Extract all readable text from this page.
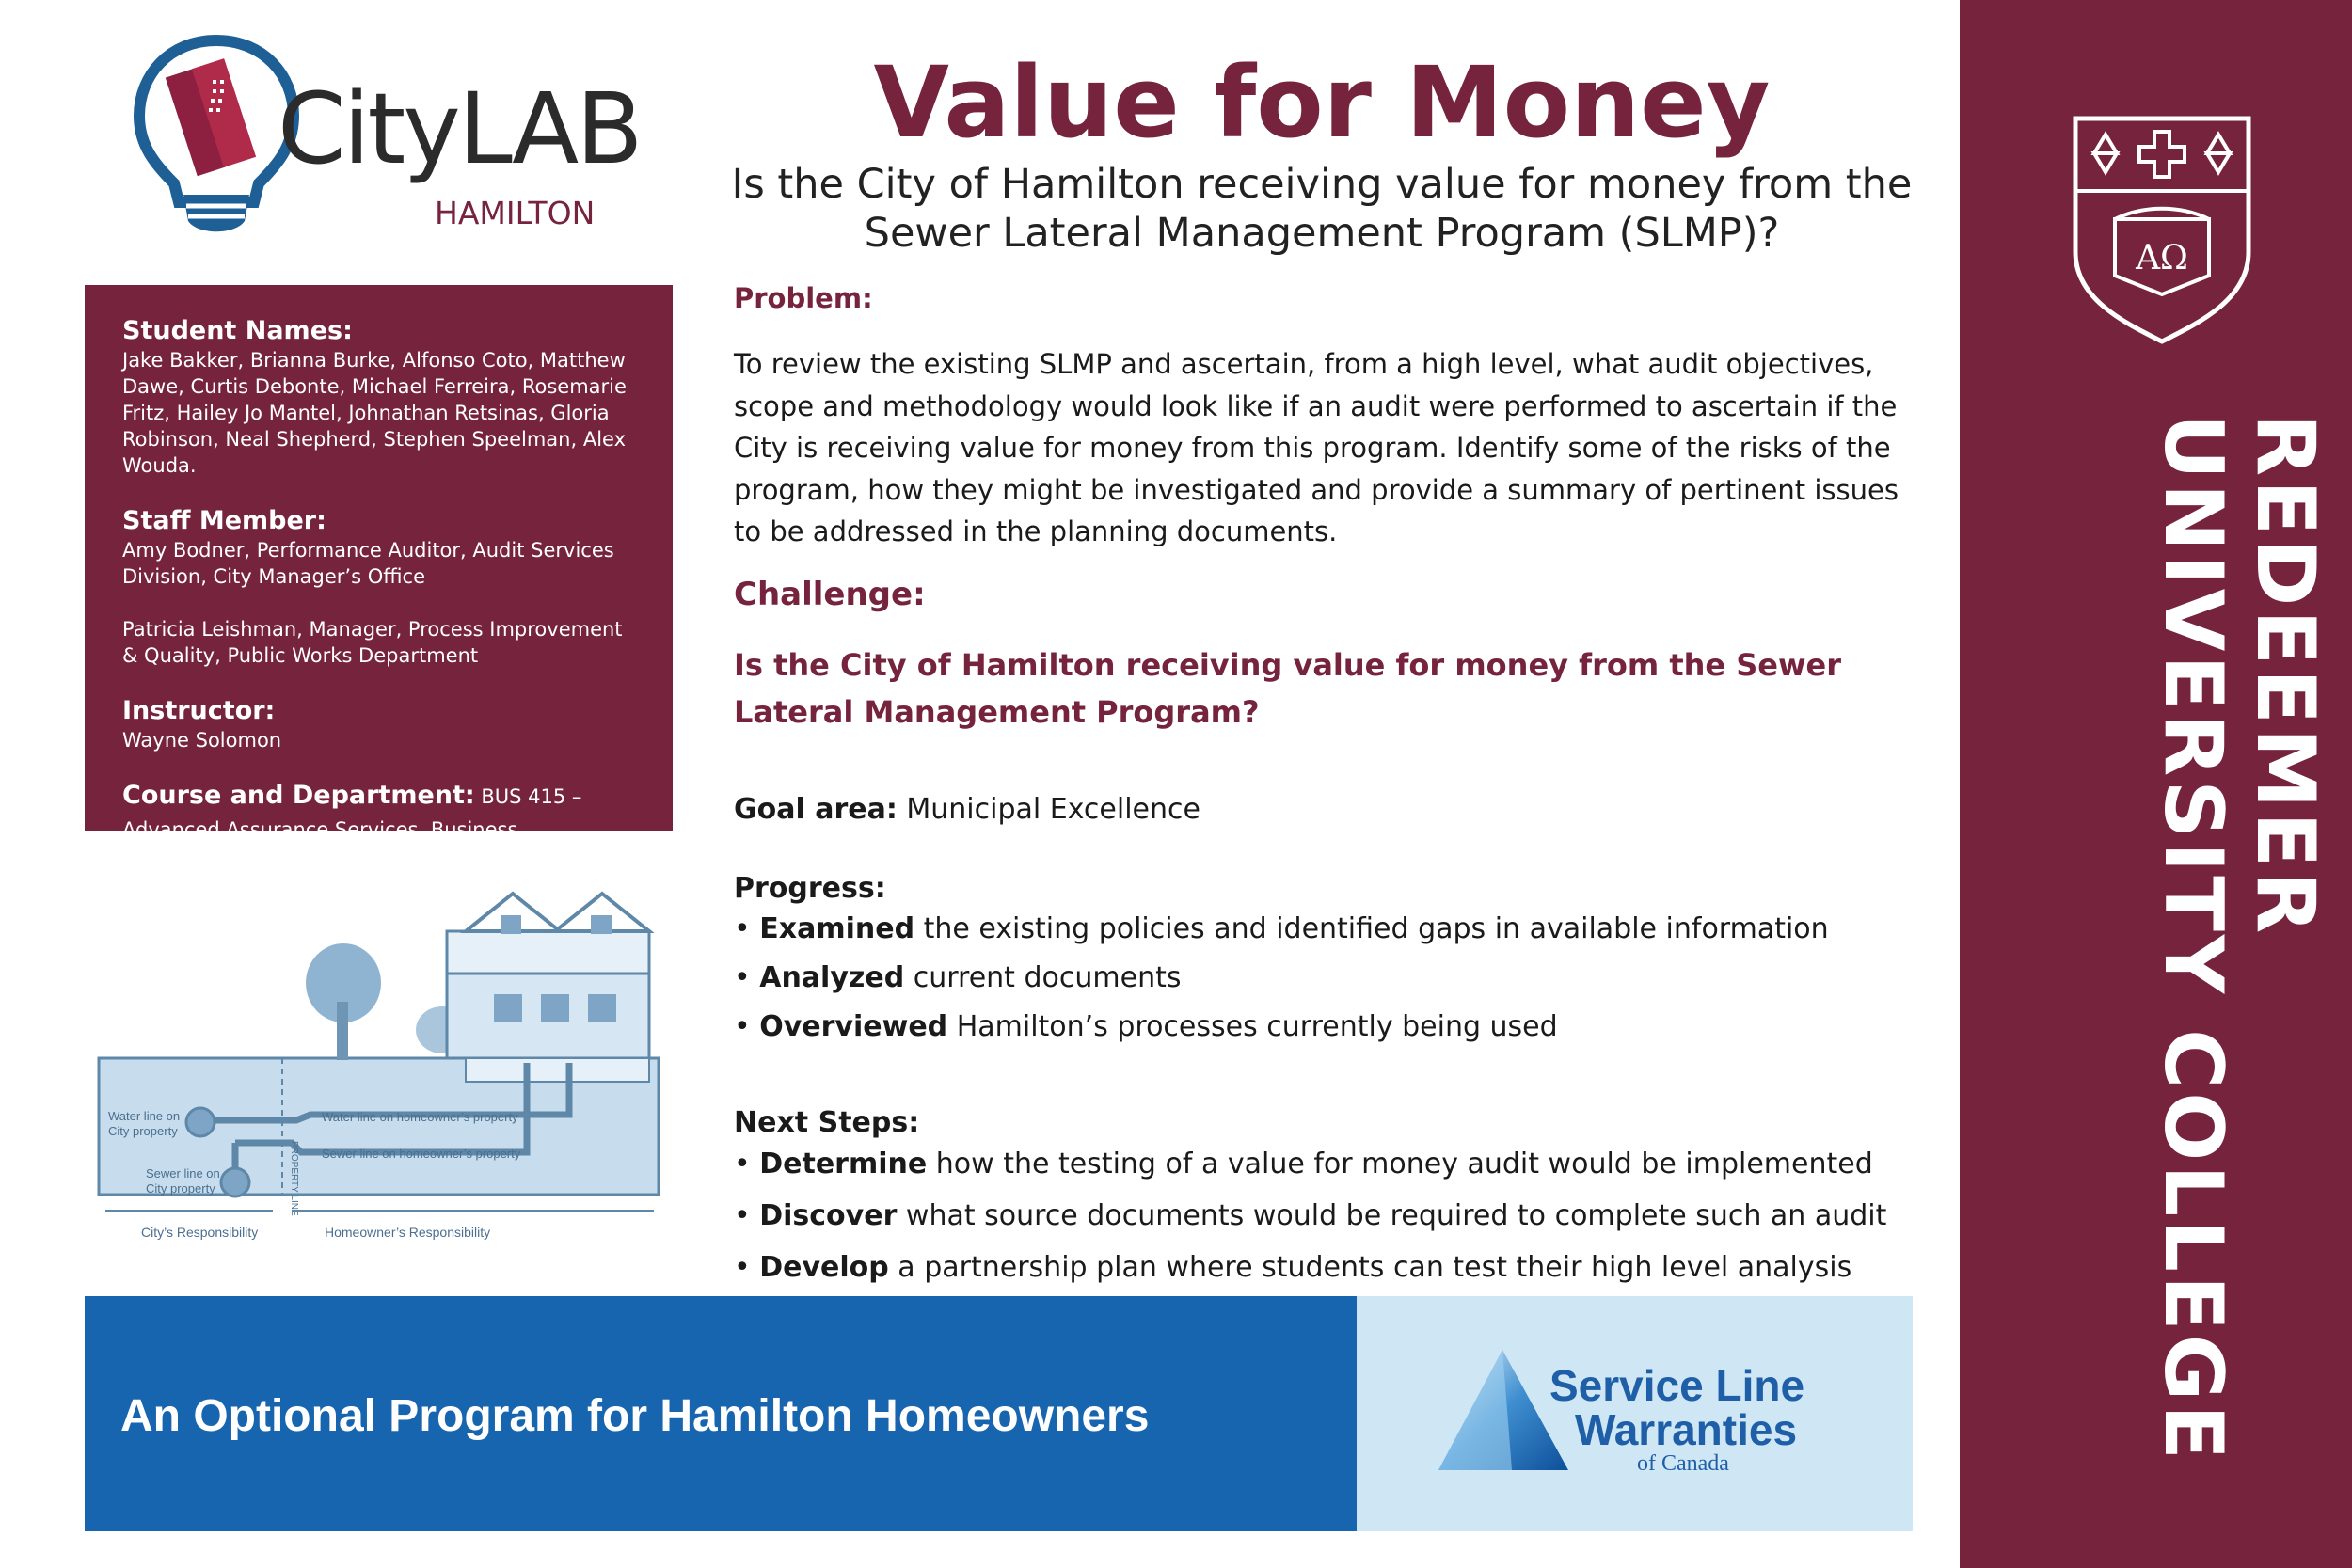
CityLAB
HAMILTON
Value for Money
Is the City of Hamilton receiving value for money from the Sewer Lateral Management Program (SLMP)?
Student Names:
Jake Bakker, Brianna Burke, Alfonso Coto, Matthew Dawe, Curtis Debonte, Michael Ferreira, Rosemarie Fritz, Hailey Jo Mantel, Johnathan Retsinas, Gloria Robinson, Neal Shepherd, Stephen Speelman, Alex Wouda.
Staff Member:
Amy Bodner, Performance Auditor, Audit Services Division, City Manager’s Office
Patricia Leishman, Manager, Process Improvement & Quality, Public Works Department
Instructor:
Wayne Solomon
Course and Department: BUS 415 – Advanced Assurance Services, Business Department
Water line on
City property
Sewer line on
City property
Water line on homeowner’s property
Sewer line on homeowner’s property
PROPERTY LINE
City’s Responsibility	Homeowner’s Responsibility
Problem:
To review the existing SLMP and ascertain, from a high level, what audit objectives, scope and methodology would look like if an audit were performed to ascertain if the City is receiving value for money from this program. Identify some of the risks of the program, how they might be investigated and provide a summary of pertinent issues to be addressed in the planning documents.
Challenge:
Is the City of Hamilton receiving value for money from the Sewer Lateral Management Program?
Goal area: Municipal Excellence
Progress:
• Examined the existing policies and identified gaps in available information
• Analyzed current documents
• Overviewed Hamilton’s processes currently being used
Next Steps:
• Determine how the testing of a value for money audit would be implemented
• Discover what source documents would be required to complete such an audit
• Develop a partnership plan where students can test their high level analysis
An Optional Program for Hamilton Homeowners
Service Line
Warranties
of Canada
AΩ
REDEEMER
UNIVERSITY COLLEGE
